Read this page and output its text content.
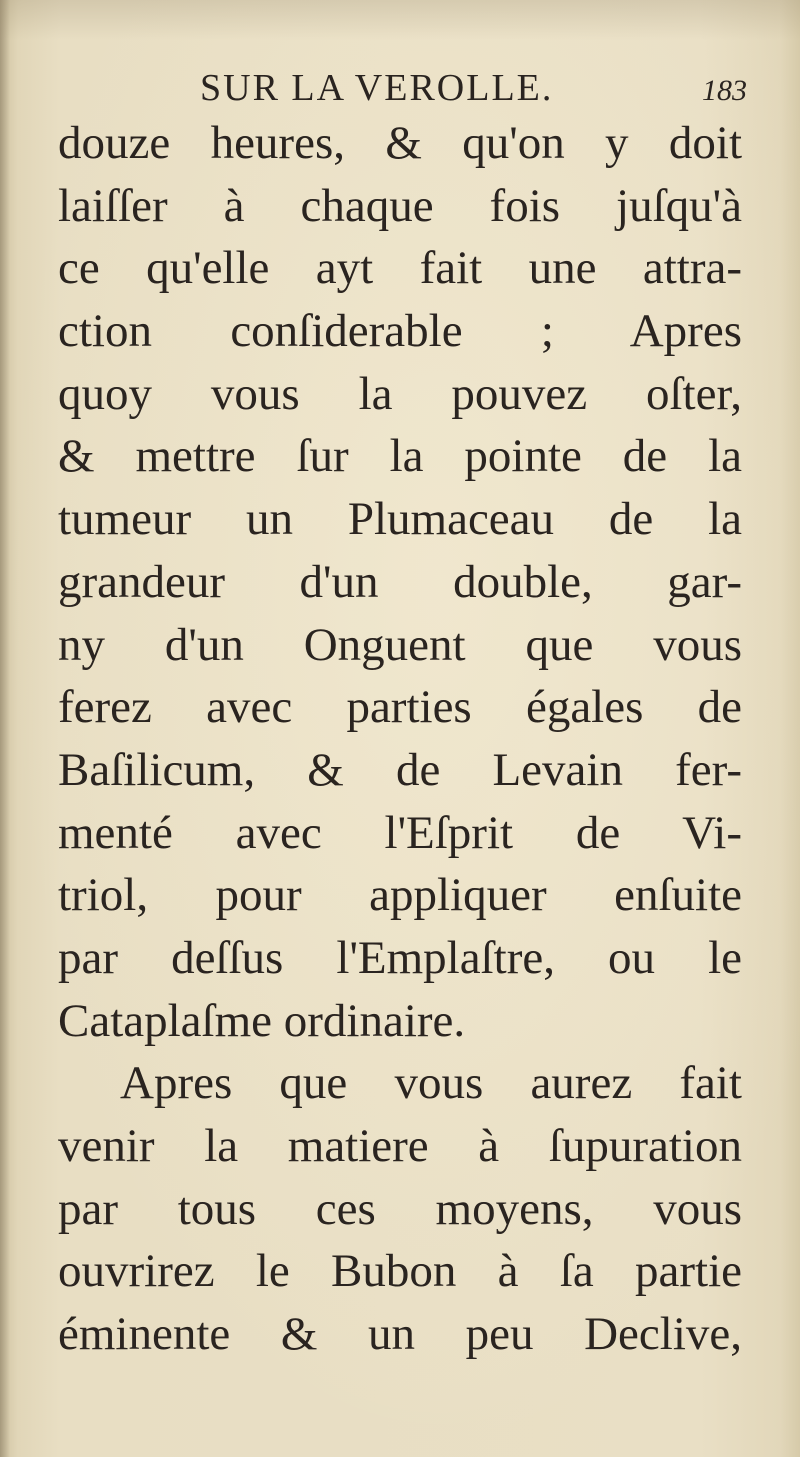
SUR LA VEROLLE.	183
douze heures, & qu'on y doit
laiſſer à chaque fois juſqu'à
ce qu'elle ayt fait une attra-
ction conſiderable ; Apres
quoy vous la pouvez oſter,
& mettre ſur la pointe de la
tumeur un Plumaceau de la
grandeur d'un double, gar-
ny d'un Onguent que vous
ferez avec parties égales de
Baſilicum, & de Levain fer-
menté avec l'Eſprit de Vi-
triol, pour appliquer enſuite
par deſſus l'Emplaſtre, ou le
Cataplaſme ordinaire.
Apres que vous aurez fait
venir la matiere à ſupuration
par tous ces moyens, vous
ouvrirez le Bubon à ſa partie
éminente & un peu Declive,
